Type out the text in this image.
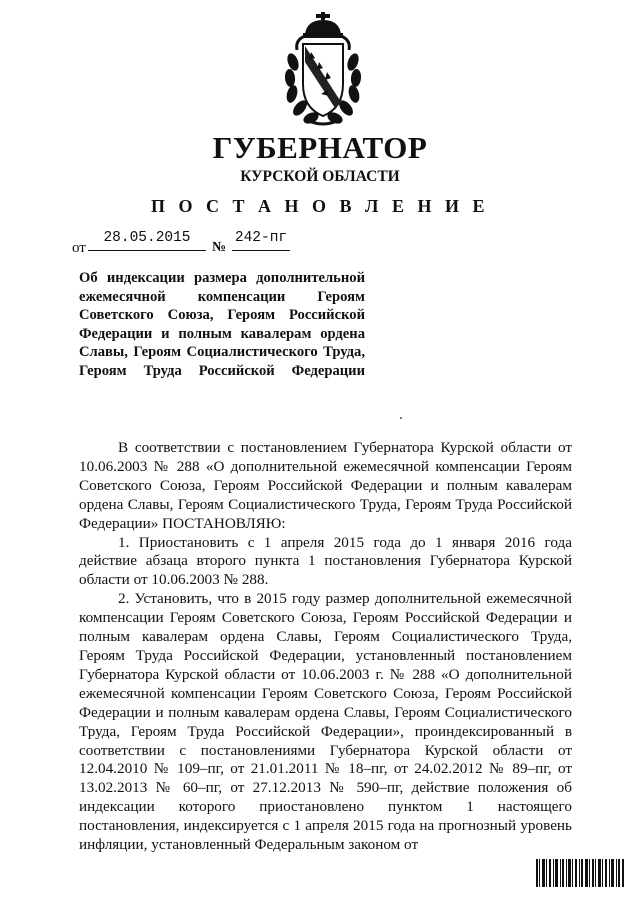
ГУБЕРНАТОР
КУРСКОЙ ОБЛАСТИ
П О С Т А Н О В Л Е Н И Е
от
28.05.2015
№
242-пг
Об индексации размера дополнительной ежемесячной компенсации Героям Советского Союза, Героям Российской Федерации и полным кавалерам ордена Славы, Героям Социалистического Труда, Героям Труда Российской Федерации

В соответствии с постановлением Губернатора Курской области от 10.06.2003 № 288 «О дополнительной ежемесячной компенсации Героям Советского Союза, Героям Российской Федерации и полным кавалерам ордена Славы, Героям Социалистического Труда, Героям Труда Российской Федерации» ПОСТАНОВЛЯЮ:

1. Приостановить с 1 апреля 2015 года до 1 января 2016 года действие абзаца второго пункта 1 постановления Губернатора Курской области от 10.06.2003 № 288.

2. Установить, что в 2015 году размер дополнительной ежемесячной компенсации Героям Советского Союза, Героям Российской Федерации и полным кавалерам ордена Славы, Героям Социалистического Труда, Героям Труда Российской Федерации, установленный постановлением Губернатора Курской области от 10.06.2003 г. № 288 «О дополнительной ежемесячной компенсации Героям Советского Союза, Героям Российской Федерации и полным кавалерам ордена Славы, Героям Социалистического Труда, Героям Труда Российской Федерации», проиндексированный в соответствии с постановлениями Губернатора Курской области от 12.04.2010 № 109–пг, от 21.01.2011 № 18–пг, от 24.02.2012 № 89–пг, от 13.02.2013 № 60–пг, от 27.12.2013 № 590–пг, действие положения об индексации которого приостановлено пунктом 1 настоящего постановления, индексируется с 1 апреля 2015 года на прогнозный уровень инфляции, установленный Федеральным законом от
